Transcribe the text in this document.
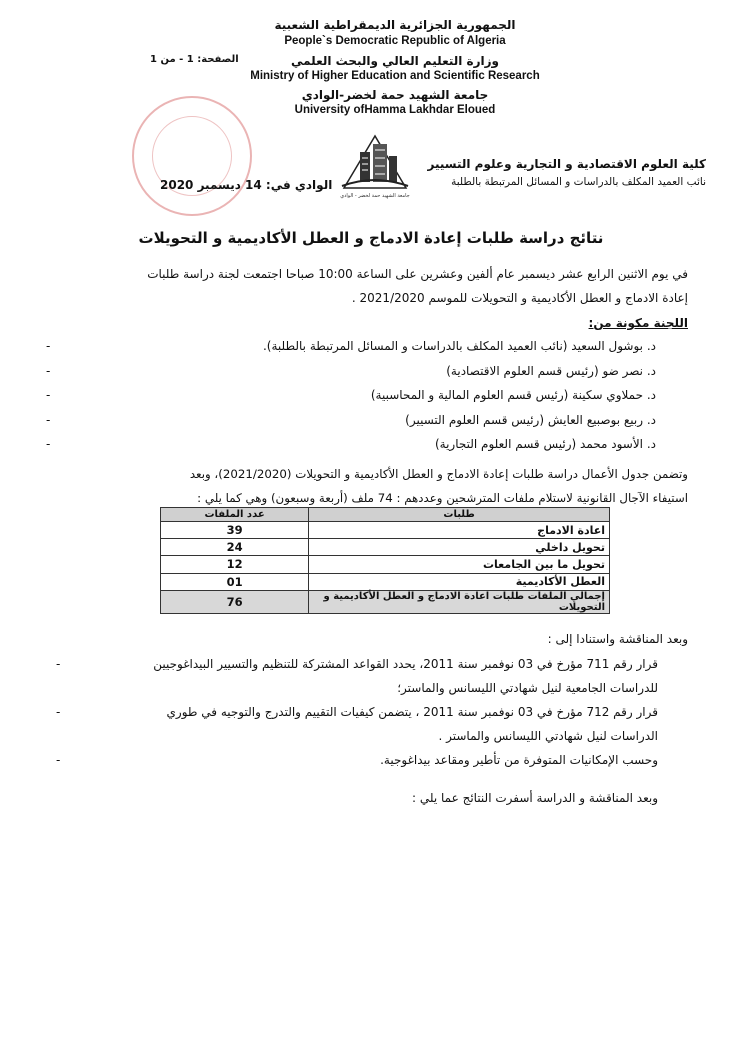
الجمهورية الجزائرية الديمقراطية الشعبية
People`s Democratic Republic of Algeria
وزارة التعليم العالي والبحث العلمي
Ministry of Higher Education and Scientific Research
جامعة الشهيد حمة لخضر-الوادي
University ofHamma Lakhdar Eloued
الصفحة: 1 - من 1
جامعة الشهيد حمة لخضر - الوادي
كلية العلوم الاقتصادية و التجارية وعلوم التسيير
نائب العميد المكلف بالدراسات و المسائل المرتبطة بالطلبة
الوادي في: 14 ديسمبر 2020
نتائج دراسة طلبات إعادة الادماج و العطل الأكاديمية و التحويلات
في يوم الاثنين الرابع عشر ديسمبر عام ألفين وعشرين على الساعة 10:00 صباحا اجتمعت لجنة دراسة طلبات
إعادة الادماج و العطل الأكاديمية و التحويلات للموسم 2021/2020 .
اللجنة مكونة من:
د. بوشول السعيد (نائب العميد المكلف بالدراسات و المسائل المرتبطة بالطلبة).
-
د. نصر ضو (رئيس قسم العلوم الاقتصادية)
-
د. حملاوي سكينة (رئيس قسم العلوم المالية و المحاسبية)
-
د. ربيع بوصبيع العايش (رئيس قسم العلوم التسيير)
-
د. الأسود محمد (رئيس قسم العلوم التجارية)
-
وتضمن جدول الأعمال دراسة طلبات إعادة الادماج و العطل الأكاديمية و التحويلات (2021/2020)، وبعد
استيفاء الآجال القانونية لاستلام ملفات المترشحين وعددهم : 74 ملف (أربعة وسبعون) وهي كما يلي :
طلبات	عدد الملفات
اعادة الادماج	39
تحويل داخلي	24
تحويل ما بين الجامعات	12
العطل الأكاديمية	01
إجمالي الملفات طلبات اعادة الادماج و العطل الأكاديمية و التحويلات	76
وبعد المناقشة واستنادا إلى :
قرار رقم 711 مؤرخ في 03 نوفمبر سنة 2011، يحدد القواعد المشتركة للتنظيم والتسيير البيداغوجيين
للدراسات الجامعية لنيل شهادتي الليسانس والماستر؛
-
قرار رقم 712 مؤرخ في 03 نوفمبر سنة 2011 ، يتضمن كيفيات التقييم والتدرج والتوجيه في طوري
الدراسات لنيل شهادتي الليسانس والماستر .
-
وحسب الإمكانيات المتوفرة من تأطير ومقاعد بيداغوجية.
-
وبعد المناقشة و الدراسة أسفرت النتائج عما يلي :
